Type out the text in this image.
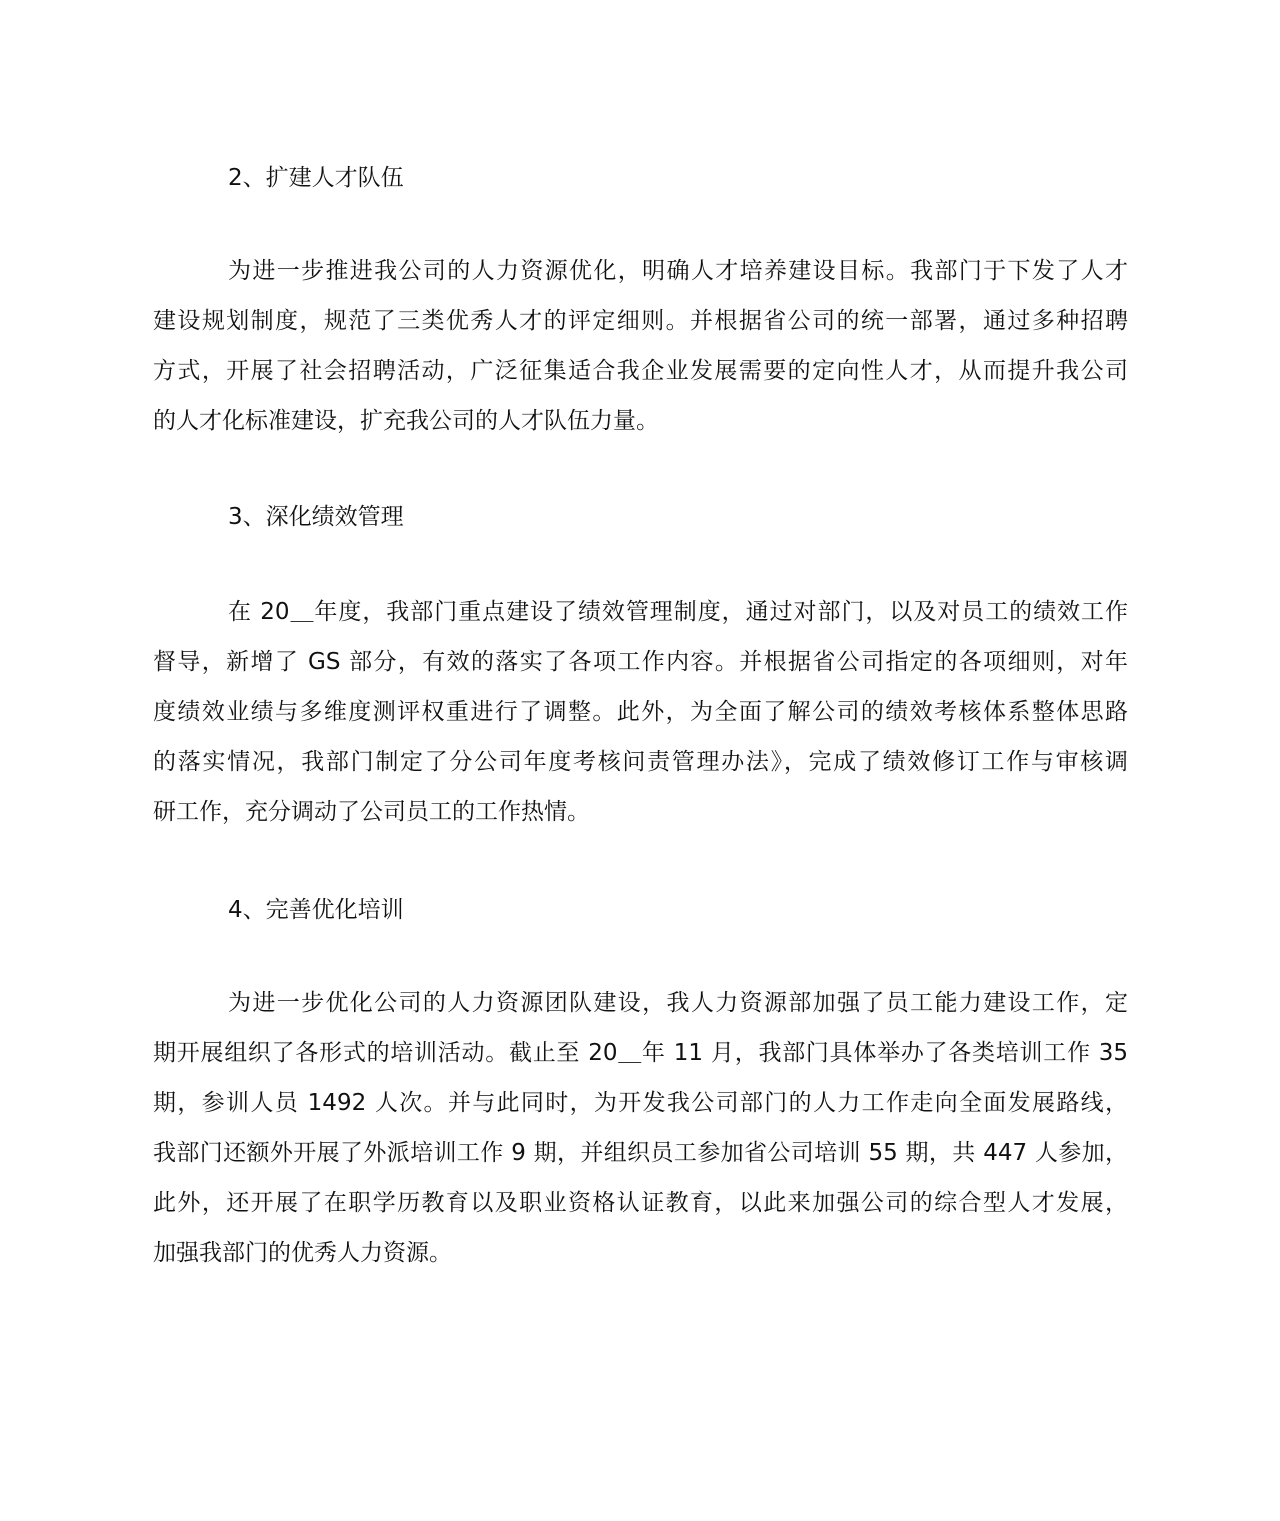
2、扩建人才队伍
为进一步推进我公司的人力资源优化，明确人才培养建设目标。我部门于下发了人才
建设规划制度，规范了三类优秀人才的评定细则。并根据省公司的统一部署，通过多种招聘
方式，开展了社会招聘活动，广泛征集适合我企业发展需要的定向性人才，从而提升我公司
的人才化标准建设，扩充我公司的人才队伍力量。
3、深化绩效管理
在 20＿年度，我部门重点建设了绩效管理制度，通过对部门，以及对员工的绩效工作
督导，新增了 GS 部分，有效的落实了各项工作内容。并根据省公司指定的各项细则，对年
度绩效业绩与多维度测评权重进行了调整。此外，为全面了解公司的绩效考核体系整体思路
的落实情况，我部门制定了分公司年度考核问责管理办法》，完成了绩效修订工作与审核调
研工作，充分调动了公司员工的工作热情。
4、完善优化培训
为进一步优化公司的人力资源团队建设，我人力资源部加强了员工能力建设工作，定
期开展组织了各形式的培训活动。截止至 20＿年 11 月，我部门具体举办了各类培训工作 35
期，参训人员 1492 人次。并与此同时，为开发我公司部门的人力工作走向全面发展路线，
我部门还额外开展了外派培训工作 9 期，并组织员工参加省公司培训 55 期，共 447 人参加，
此外，还开展了在职学历教育以及职业资格认证教育，以此来加强公司的综合型人才发展，
加强我部门的优秀人力资源。
